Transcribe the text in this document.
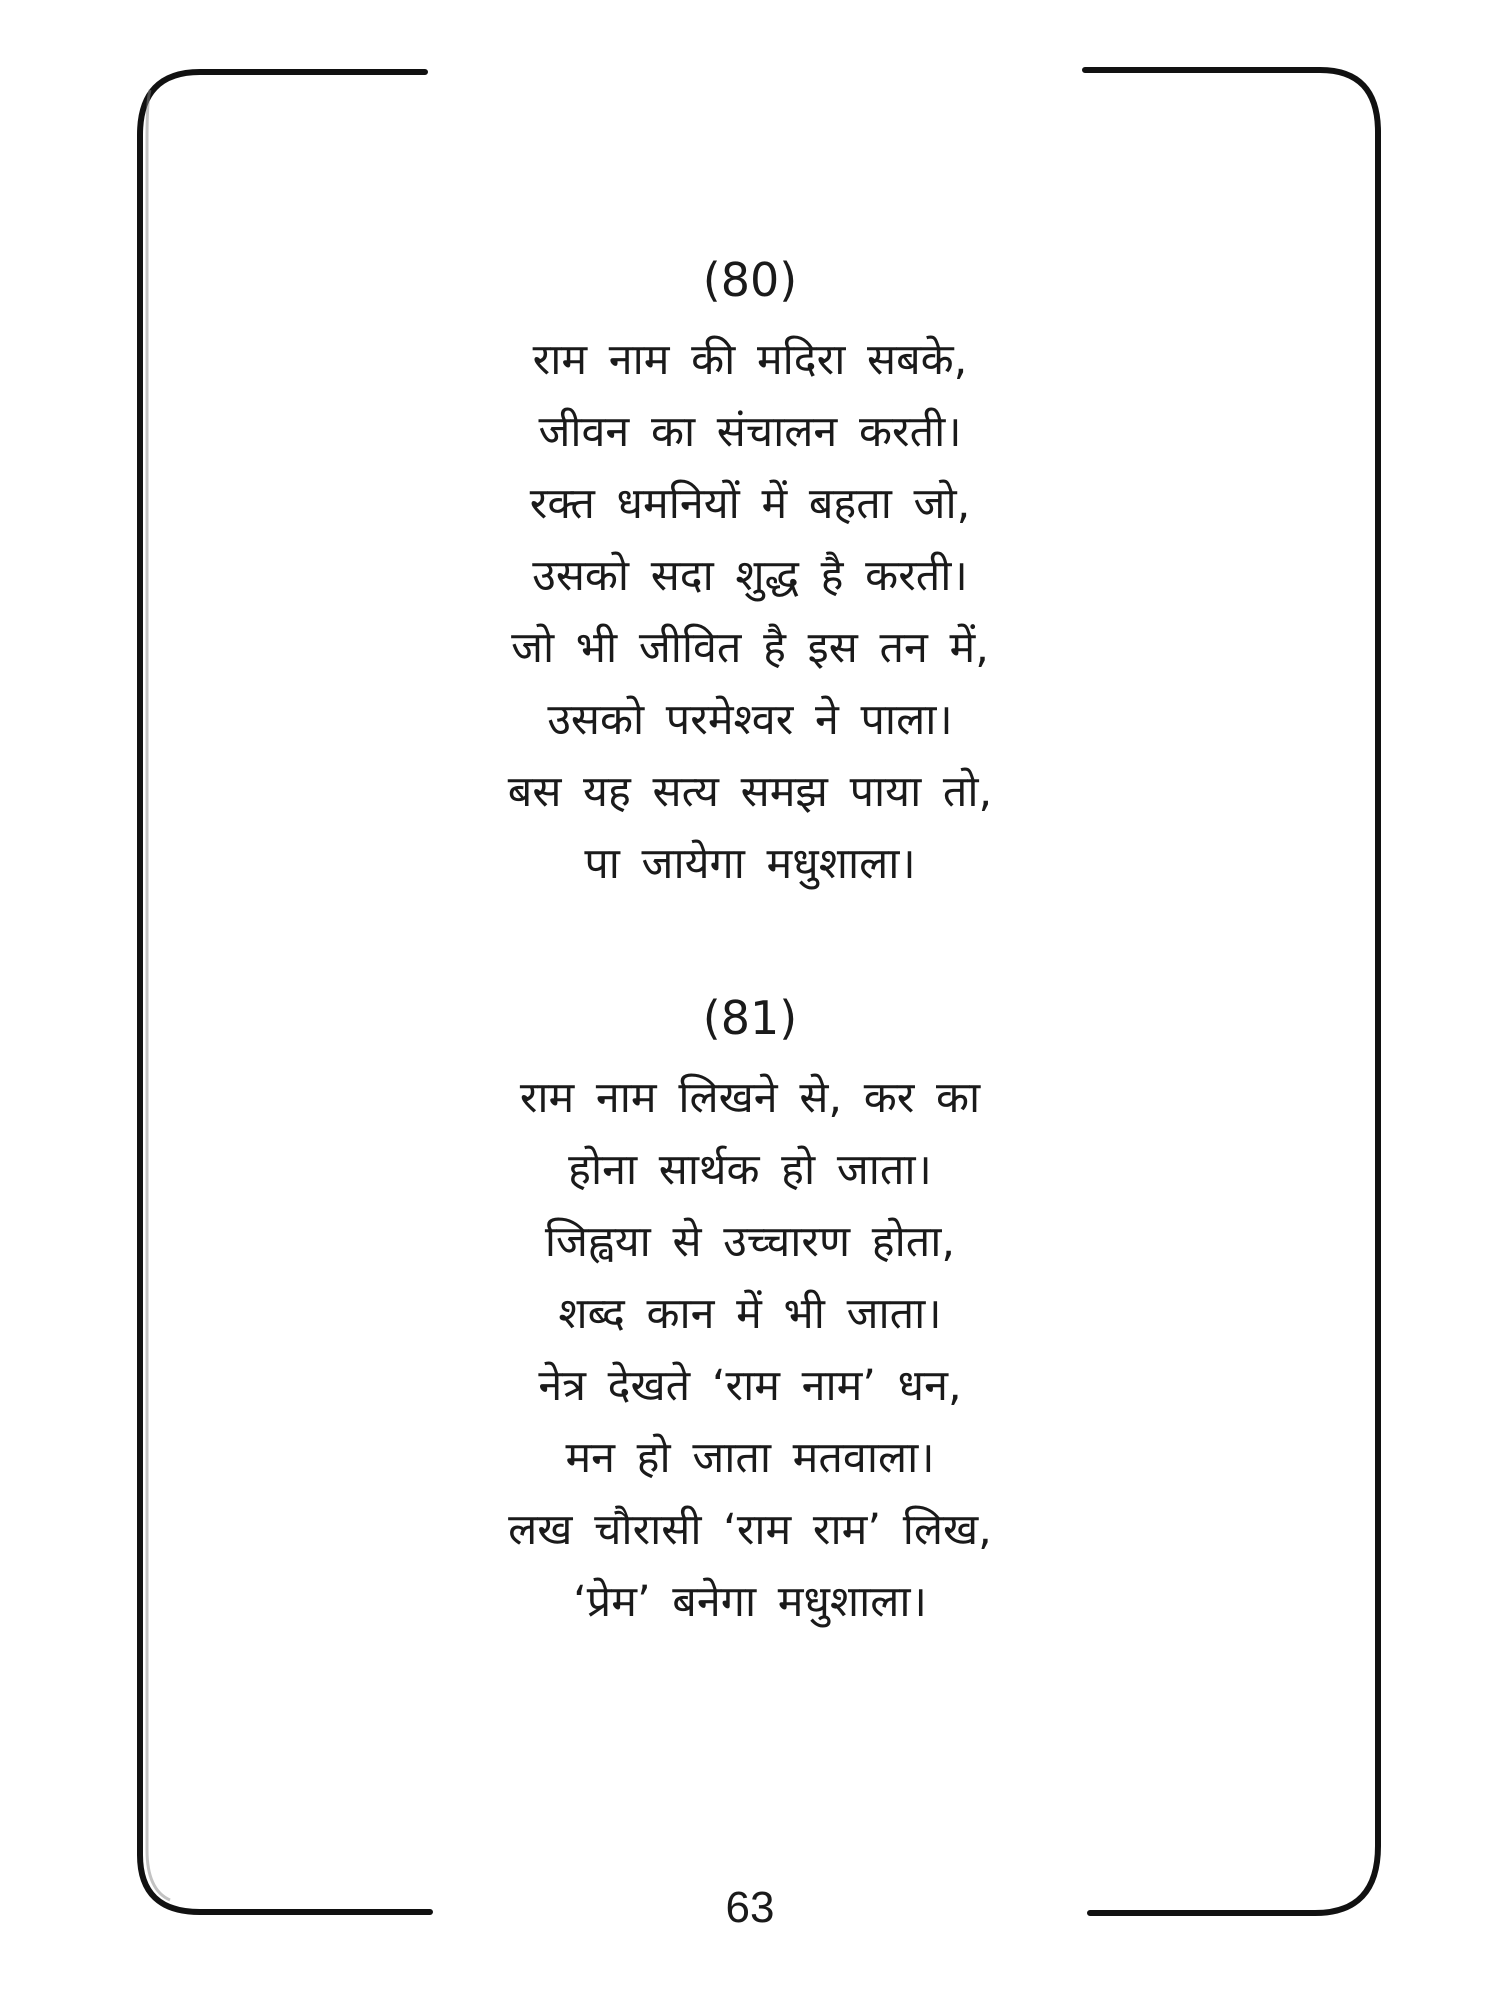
(80)
राम नाम की मदिरा सबके,
जीवन का संचालन करती।
रक्त धमनियों में बहता जो,
उसको सदा शुद्ध है करती।
जो भी जीवित है इस तन में,
उसको परमेश्वर ने पाला।
बस यह सत्य समझ पाया तो,
पा जायेगा मधुशाला।
(81)
राम नाम लिखने से, कर का
होना सार्थक हो जाता।
जिह्वया से उच्चारण होता,
शब्द कान में भी जाता।
नेत्र देखते ‘राम नाम’ धन,
मन हो जाता मतवाला।
लख चौरासी ‘राम राम’ लिख,
‘प्रेम’ बनेगा मधुशाला।
63
